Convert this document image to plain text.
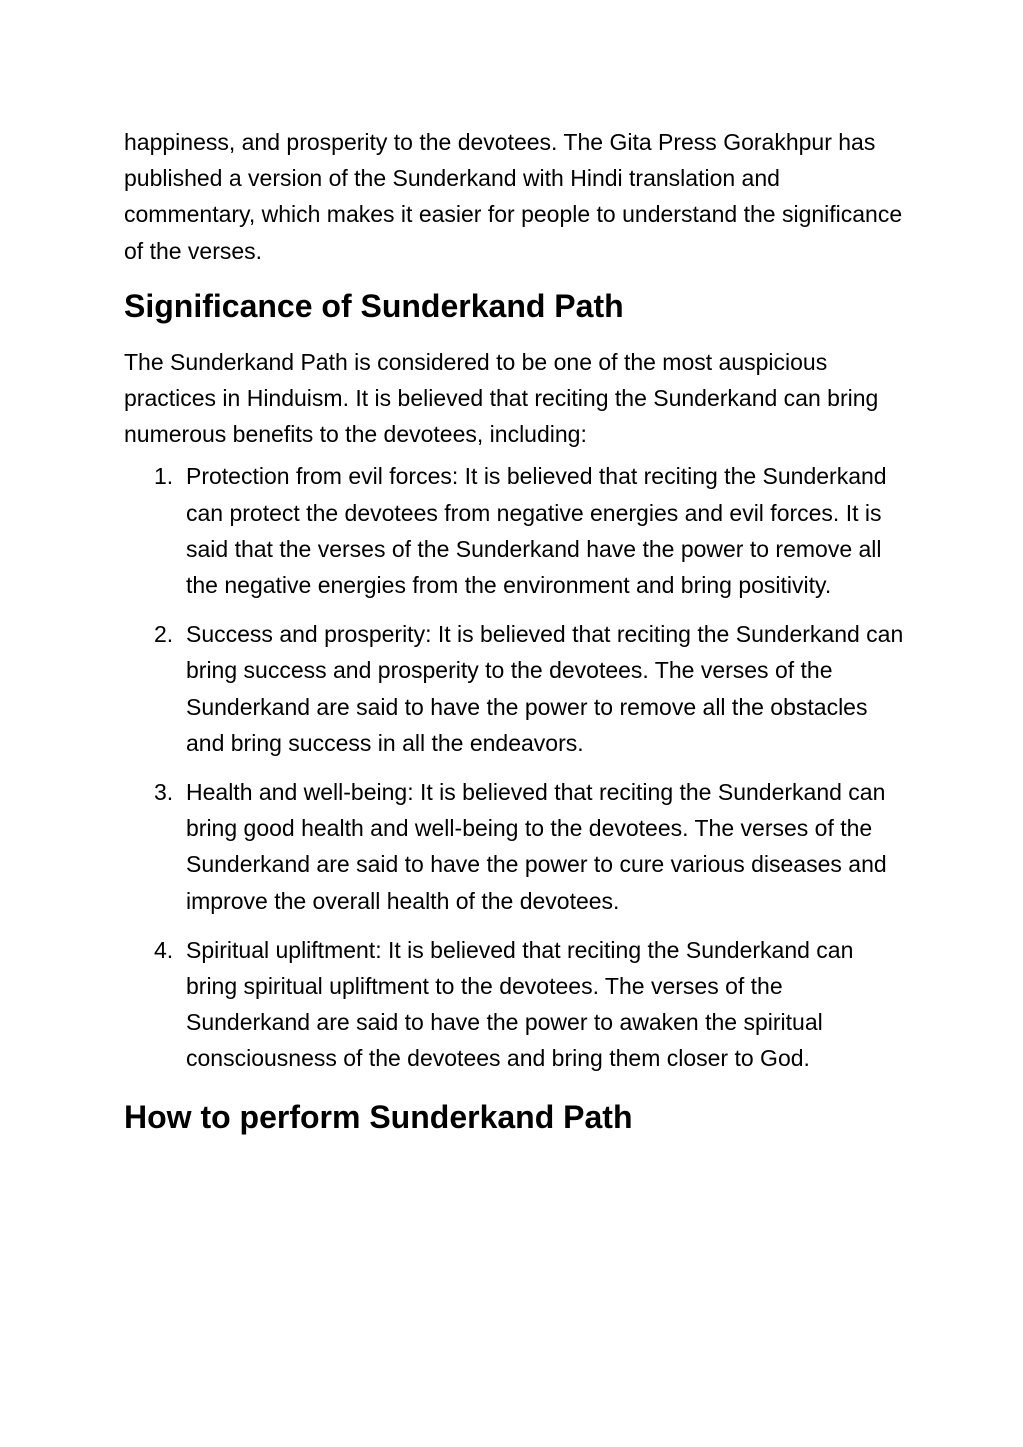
happiness, and prosperity to the devotees. The Gita Press Gorakhpur has published a version of the Sunderkand with Hindi translation and commentary, which makes it easier for people to understand the significance of the verses.

Significance of Sunderkand Path

The Sunderkand Path is considered to be one of the most auspicious practices in Hinduism. It is believed that reciting the Sunderkand can bring numerous benefits to the devotees, including:

1. Protection from evil forces: It is believed that reciting the Sunderkand can protect the devotees from negative energies and evil forces. It is said that the verses of the Sunderkand have the power to remove all the negative energies from the environment and bring positivity.
2. Success and prosperity: It is believed that reciting the Sunderkand can bring success and prosperity to the devotees. The verses of the Sunderkand are said to have the power to remove all the obstacles and bring success in all the endeavors.
3. Health and well-being: It is believed that reciting the Sunderkand can bring good health and well-being to the devotees. The verses of the Sunderkand are said to have the power to cure various diseases and improve the overall health of the devotees.
4. Spiritual upliftment: It is believed that reciting the Sunderkand can bring spiritual upliftment to the devotees. The verses of the Sunderkand are said to have the power to awaken the spiritual consciousness of the devotees and bring them closer to God.
How to perform Sunderkand Path
